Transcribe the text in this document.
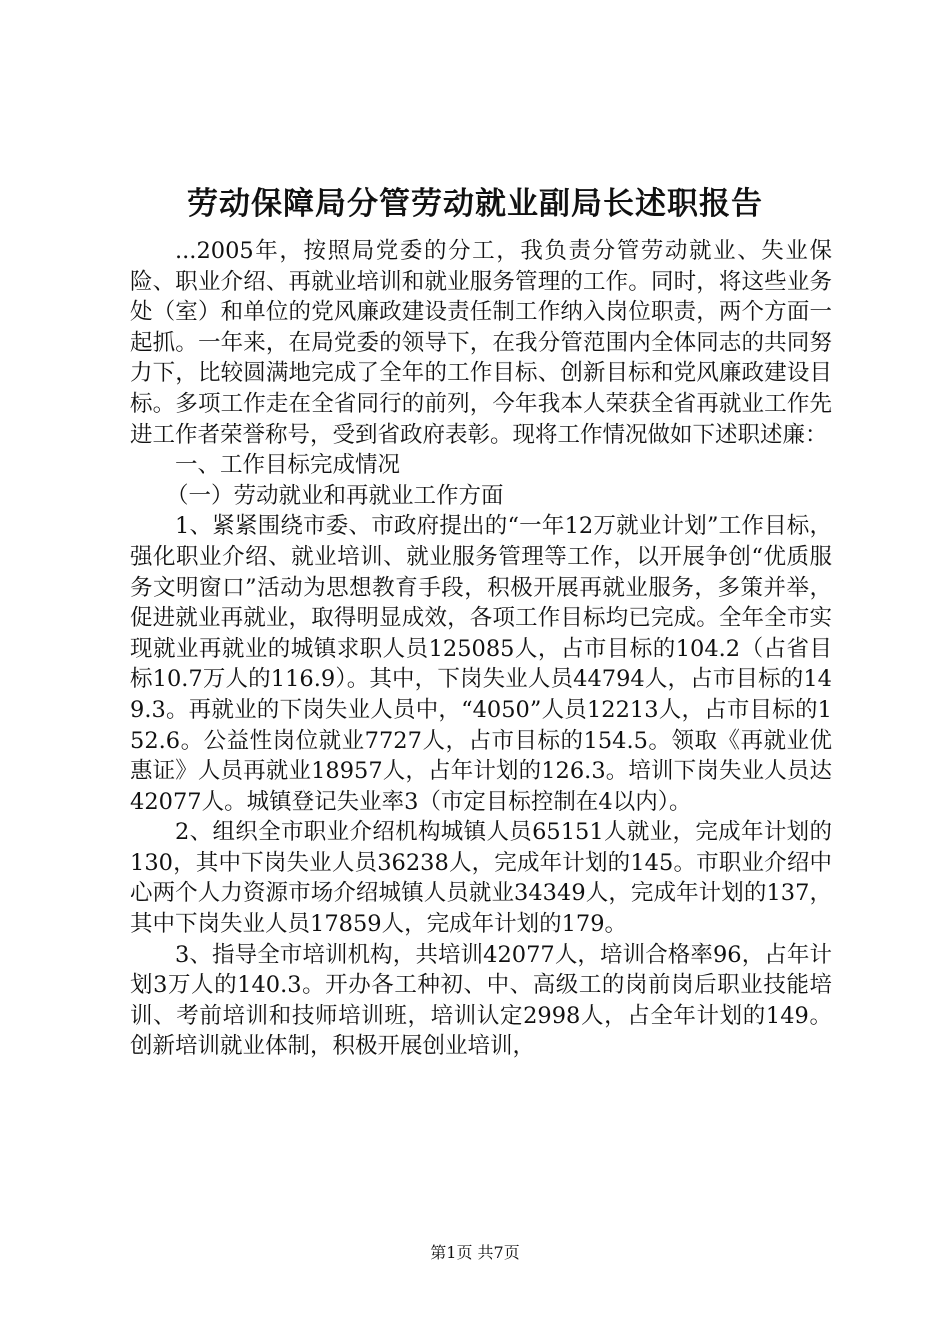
劳动保障局分管劳动就业副局长述职报告

...2005年，按照局党委的分工，我负责分管劳动就业、失业保险、职业介绍、再就业培训和就业服务管理的工作。同时，将这些业务处（室）和单位的党风廉政建设责任制工作纳入岗位职责，两个方面一起抓。一年来，在局党委的领导下，在我分管范围内全体同志的共同努力下，比较圆满地完成了全年的工作目标、创新目标和党风廉政建设目标。多项工作走在全省同行的前列，今年我本人荣获全省再就业工作先进工作者荣誉称号，受到省政府表彰。现将工作情况做如下述职述廉：

一、工作目标完成情况

（一）劳动就业和再就业工作方面

1、紧紧围绕市委、市政府提出的“一年12万就业计划”工作目标，强化职业介绍、就业培训、就业服务管理等工作，以开展争创“优质服务文明窗口”活动为思想教育手段，积极开展再就业服务，多策并举，促进就业再就业，取得明显成效，各项工作目标均已完成。全年全市实现就业再就业的城镇求职人员125085人，占市目标的104.2（占省目标10.7万人的116.9）。其中，下岗失业人员44794人，占市目标的149.3。再就业的下岗失业人员中，“4050”人员12213人，占市目标的152.6。公益性岗位就业7727人，占市目标的154.5。领取《再就业优惠证》人员再就业18957人，占年计划的126.3。培训下岗失业人员达42077人。城镇登记失业率3（市定目标控制在4以内）。

2、组织全市职业介绍机构城镇人员65151人就业，完成年计划的130，其中下岗失业人员36238人，完成年计划的145。市职业介绍中心两个人力资源市场介绍城镇人员就业34349人，完成年计划的137，其中下岗失业人员17859人，完成年计划的179。

3、指导全市培训机构，共培训42077人，培训合格率96，占年计划3万人的140.3。开办各工种初、中、高级工的岗前岗后职业技能培训、考前培训和技师培训班，培训认定2998人，占全年计划的149。创新培训就业体制，积极开展创业培训，

第1页 共7页
